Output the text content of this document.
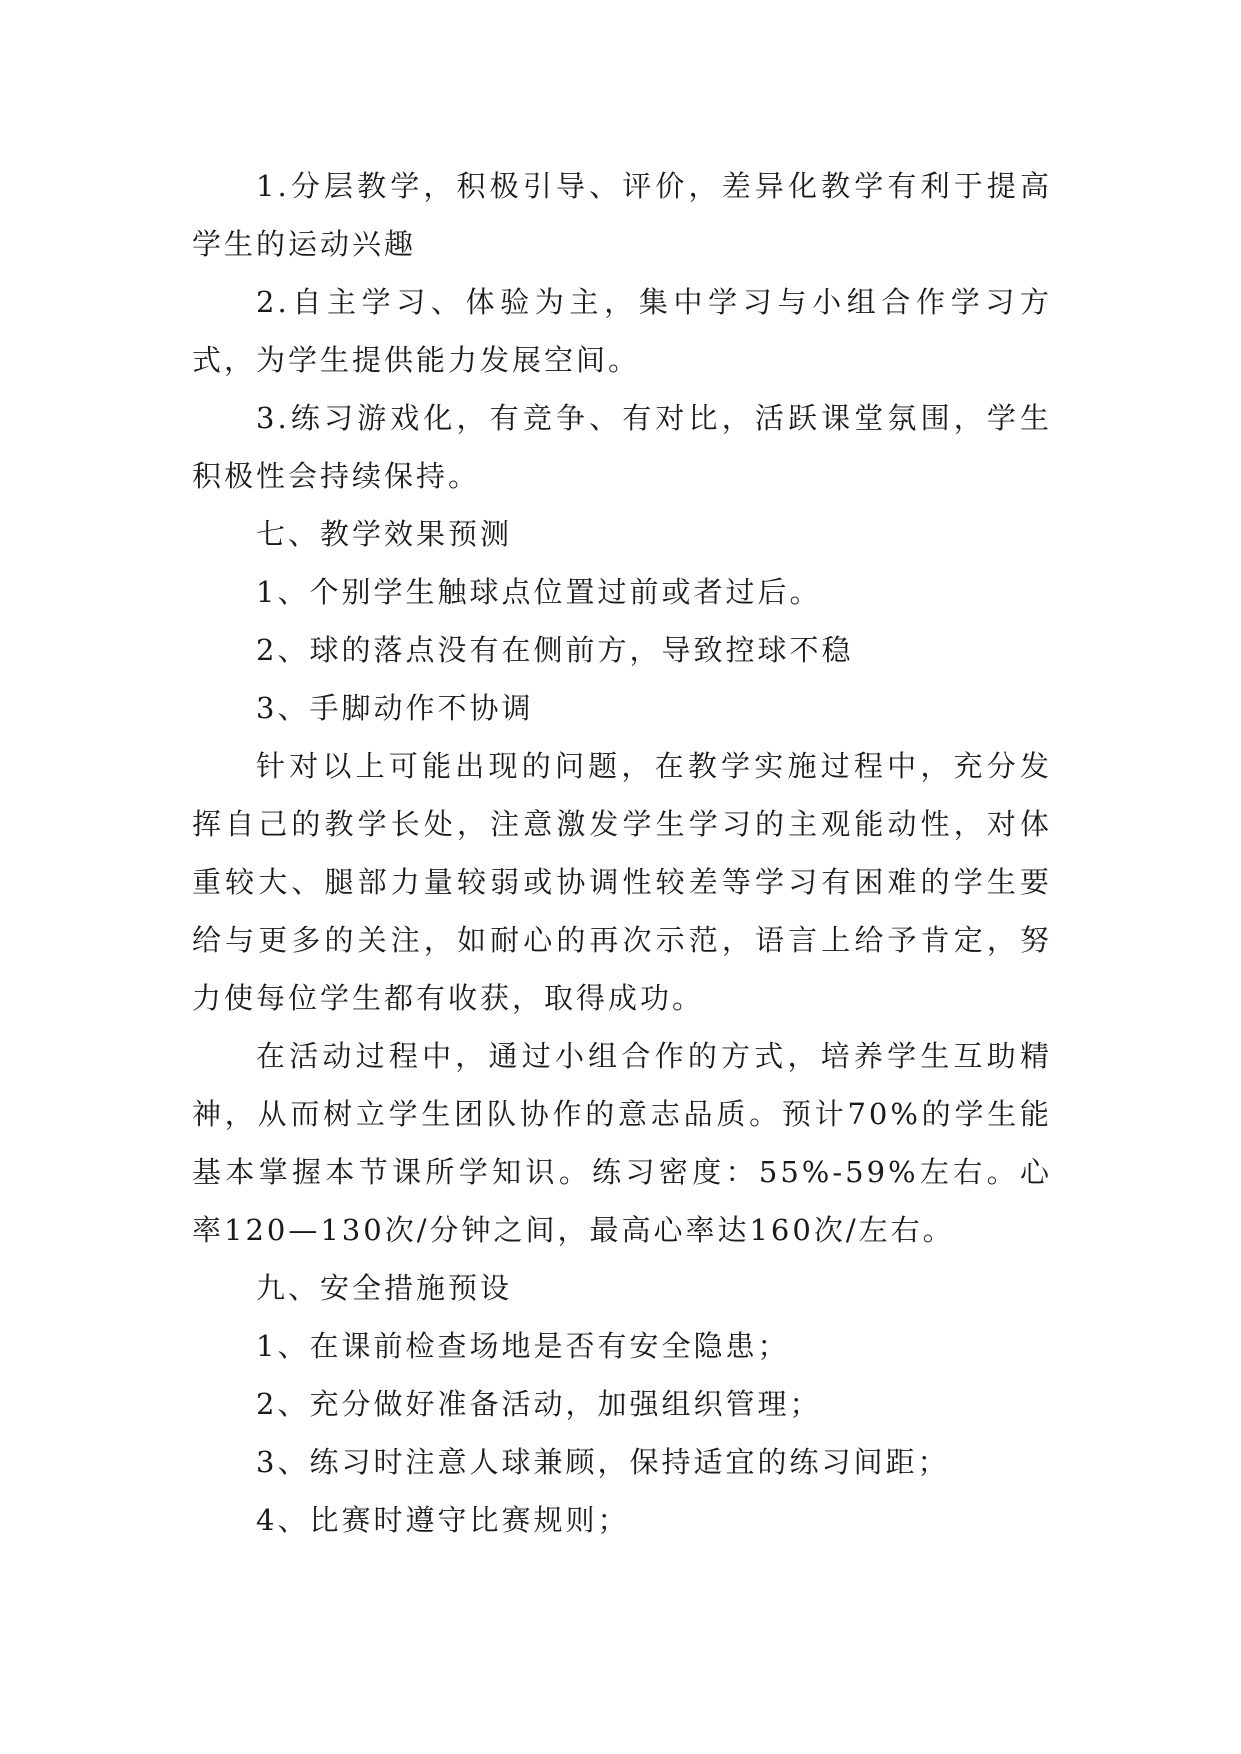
1.分层教学，积极引导、评价，差异化教学有利于提高学生的运动兴趣

2.自主学习、体验为主，集中学习与小组合作学习方式，为学生提供能力发展空间。

3.练习游戏化，有竞争、有对比，活跃课堂氛围，学生积极性会持续保持。

七、教学效果预测

1、个别学生触球点位置过前或者过后。

2、球的落点没有在侧前方，导致控球不稳

3、手脚动作不协调

针对以上可能出现的问题，在教学实施过程中，充分发挥自己的教学长处，注意激发学生学习的主观能动性，对体重较大、腿部力量较弱或协调性较差等学习有困难的学生要给与更多的关注，如耐心的再次示范，语言上给予肯定，努力使每位学生都有收获，取得成功。

在活动过程中，通过小组合作的方式，培养学生互助精神，从而树立学生团队协作的意志品质。预计70%的学生能基本掌握本节课所学知识。练习密度：55%-59%左右。心率120—130次/分钟之间，最高心率达160次/左右。

九、安全措施预设

1、在课前检查场地是否有安全隐患；

2、充分做好准备活动，加强组织管理；

3、练习时注意人球兼顾，保持适宜的练习间距；

4、比赛时遵守比赛规则；
